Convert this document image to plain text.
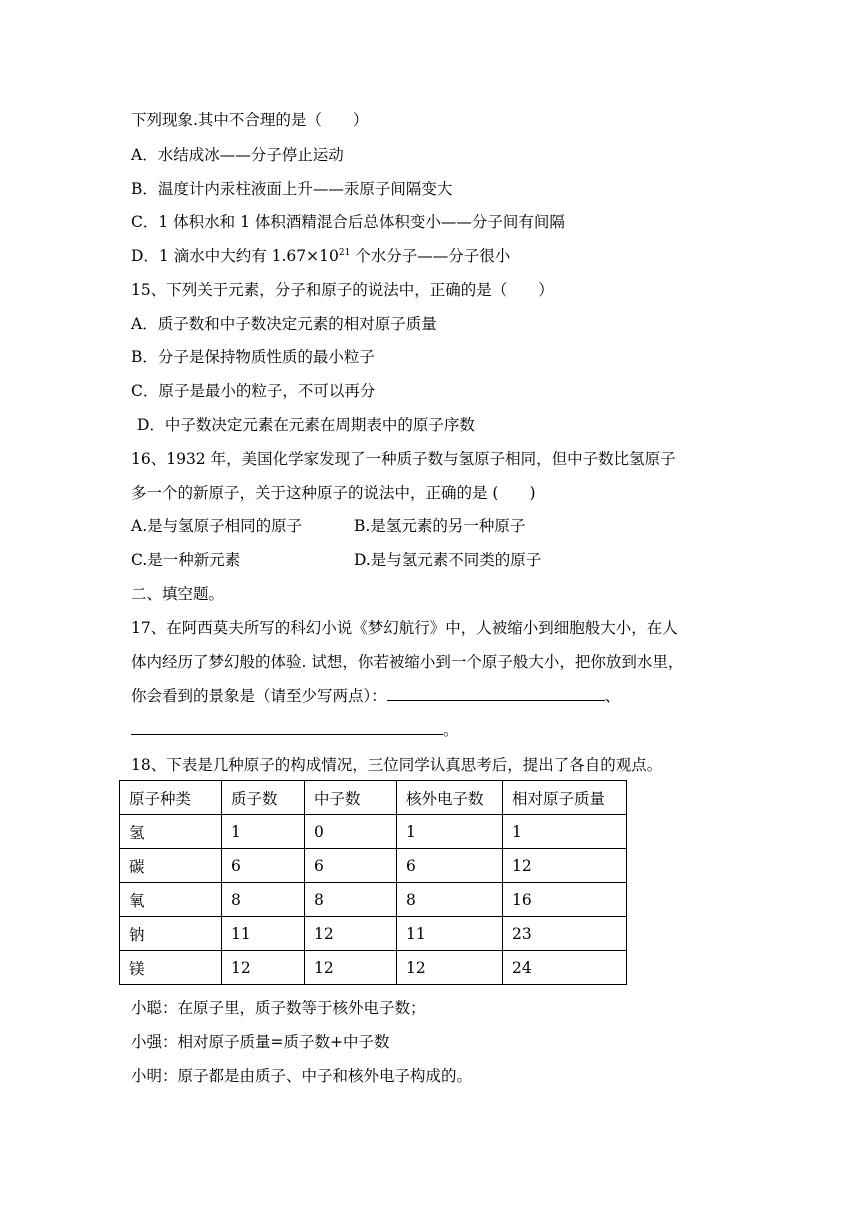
下列现象.其中不合理的是（　　）
A．水结成冰——分子停止运动
B．温度计内汞柱液面上升——汞原子间隔变大
C．1 体积水和 1 体积酒精混合后总体积变小——分子间有间隔
D．1 滴水中大约有 $1.67\times 10^{21}$ 个水分子——分子很小
15、下列关于元素，分子和原子的说法中，正确的是（　　）
A．质子数和中子数决定元素的相对原子质量
B．分子是保持物质性质的最小粒子
C．原子是最小的粒子，不可以再分
D．中子数决定元素在元素在周期表中的原子序数
16、1932 年，美国化学家发现了一种质子数与氢原子相同，但中子数比氢原子
多一个的新原子，关于这种原子的说法中，正确的是 (　　)
A.是与氢原子相同的原子	B.是氢元素的另一种原子
C.是一种新元素	D.是与氢元素不同类的原子
二、填空题。
17、在阿西莫夫所写的科幻小说《梦幻航行》中，人被缩小到细胞般大小，在人
体内经历了梦幻般的体验. 试想，你若被缩小到一个原子般大小，把你放到水里，
你会看到的景象是（请至少写两点）：	、
。
18、下表是几种原子的构成情况，三位同学认真思考后，提出了各自的观点。
原子种类	质子数	中子数	核外电子数	相对原子质量
氢	1	0	1	1
碳	6	6	6	12
氧	8	8	8	16
钠	11	12	11	23
镁	12	12	12	24
小聪：在原子里，质子数等于核外电子数；
小强：相对原子质量=质子数+中子数
小明：原子都是由质子、中子和核外电子构成的。
